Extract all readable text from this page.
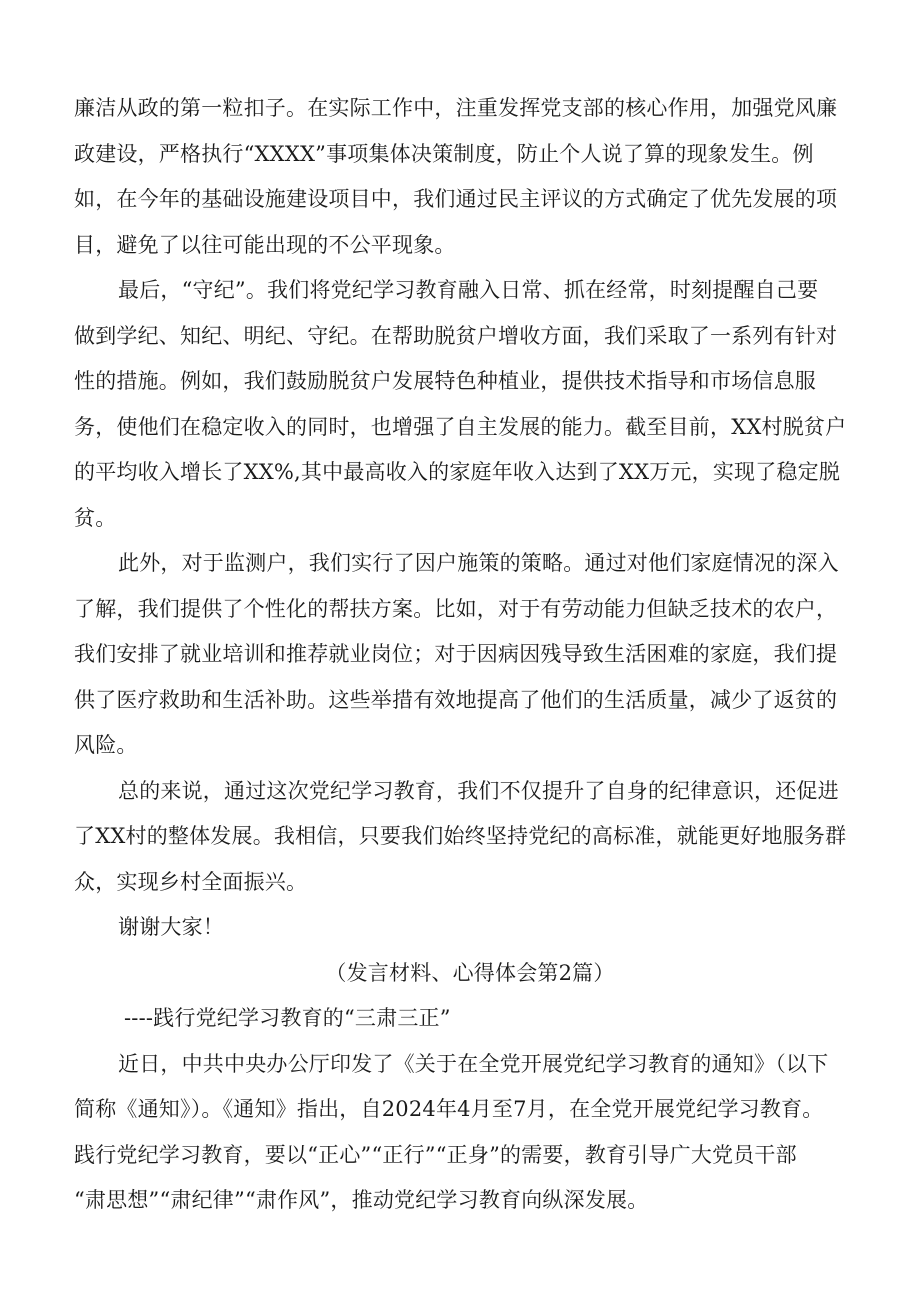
廉洁从政的第一粒扣子。在实际工作中，注重发挥党支部的核心作用，加强党风廉
政建设，严格执行“XXXX”事项集体决策制度，防止个人说了算的现象发生。例
如，在今年的基础设施建设项目中，我们通过民主评议的方式确定了优先发展的项
目，避免了以往可能出现的不公平现象。
最后，“守纪”。我们将党纪学习教育融入日常、抓在经常，时刻提醒自己要
做到学纪、知纪、明纪、守纪。在帮助脱贫户增收方面，我们采取了一系列有针对
性的措施。例如，我们鼓励脱贫户发展特色种植业，提供技术指导和市场信息服
务，使他们在稳定收入的同时，也增强了自主发展的能力。截至目前，XX村脱贫户
的平均收入增长了XX%,其中最高收入的家庭年收入达到了XX万元，实现了稳定脱
贫。
此外，对于监测户，我们实行了因户施策的策略。通过对他们家庭情况的深入
了解，我们提供了个性化的帮扶方案。比如，对于有劳动能力但缺乏技术的农户，
我们安排了就业培训和推荐就业岗位；对于因病因残导致生活困难的家庭，我们提
供了医疗救助和生活补助。这些举措有效地提高了他们的生活质量，减少了返贫的
风险。
总的来说，通过这次党纪学习教育，我们不仅提升了自身的纪律意识，还促进
了XX村的整体发展。我相信，只要我们始终坚持党纪的高标准，就能更好地服务群
众，实现乡村全面振兴。
谢谢大家！
（发言材料、心得体会第2篇）
----践行党纪学习教育的“三肃三正”
近日，中共中央办公厅印发了《关于在全党开展党纪学习教育的通知》（以下
简称《通知》）。《通知》指出，自2024年4月至7月，在全党开展党纪学习教育。
践行党纪学习教育，要以“正心”“正行”“正身”的需要，教育引导广大党员干部
“肃思想”“肃纪律”“肃作风”，推动党纪学习教育向纵深发展。
